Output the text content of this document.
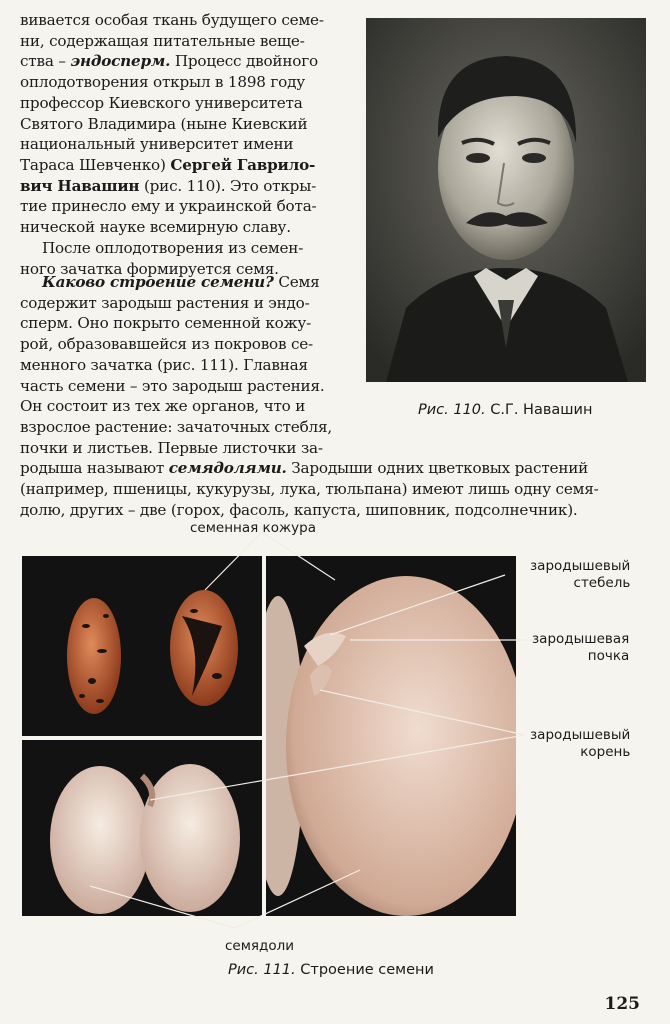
вивается особая ткань будущего семе-
ни, содержащая питательные веще-
ства – эндосперм. Процесс двойного
оплодотворения открыл в 1898 году
профессор Киевского университета
Святого Владимира (ныне Киевский
национальный университет имени
Тараса Шевченко) Сергей Гаврило-
вич Навашин (рис. 110). Это откры-
тие принесло ему и украинской бота-
нической науке всемирную славу.
После оплодотворения из семен-
ного зачатка формируется семя.
Каково строение семени? Семя
содержит зародыш растения и эндо-
сперм. Оно покрыто семенной кожу-
рой, образовавшейся из покровов се-
менного зачатка (рис. 111). Главная
часть семени – это зародыш растения.
Он состоит из тех же органов, что и
взрослое растение: зачаточных стебля,
почки и листьев. Первые листочки за-
родыша называют семядолями. Зародыши одних цветковых растений
(например, пшеницы, кукурузы, лука, тюльпана) имеют лишь одну семя-
долю, других – две (горох, фасоль, капуста, шиповник, подсолнечник).
Рис. 110. С.Г. Навашин
семенная кожура
зародышевый
стебель
зародышевая
почка
зародышевый
корень
семядоли
Рис. 111. Строение семени
125
